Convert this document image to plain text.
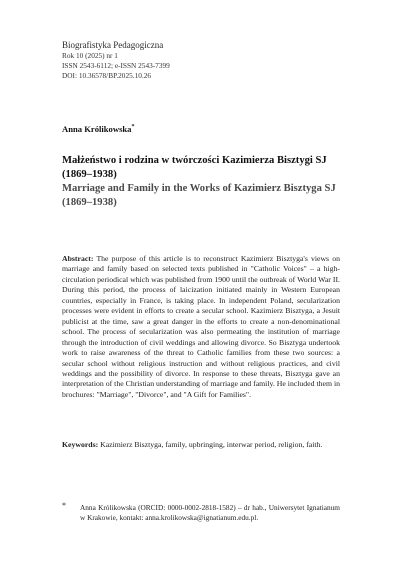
Biografistyka Pedagogiczna
Rok 10 (2025) nr 1
ISSN 2543-6112; e-ISSN 2543-7399
DOI: 10.36578/BP.2025.10.26
Anna Królikowska*
Małżeństwo i rodzina w twórczości Kazimierza Bisztygi SJ (1869–1938)
Marriage and Family in the Works of Kazimierz Bisztyga SJ (1869–1938)
Abstract: The purpose of this article is to reconstruct Kazimierz Bisztyga's views on marriage and family based on selected texts published in "Catholic Voices" – a high-circulation periodical which was published from 1900 until the outbreak of World War II. During this period, the process of laicization initiated mainly in Western European countries, especially in France, is taking place. In independent Poland, secularization processes were evident in efforts to create a secular school. Kazimierz Bisztyga, a Jesuit publicist at the time, saw a great danger in the efforts to create a non-denominational school. The process of secularization was also permeating the institution of marriage through the introduction of civil weddings and allowing divorce. So Bisztyga undertook work to raise awareness of the threat to Catholic families from these two sources: a secular school without religious instruction and without religious practices, and civil weddings and the possibility of divorce. In response to these threats, Bisztyga gave an interpretation of the Christian understanding of marriage and family. He included them in brochures: "Marriage", "Divorce", and "A Gift for Families".
Keywords: Kazimierz Bisztyga, family, upbringing, interwar period, religion, faith.
* Anna Królikowska (ORCID: 0000-0002-2818-1582) – dr hab., Uniwersytet Ignatianum w Krakowie, kontakt: anna.krolikowska@ignatianum.edu.pl.
